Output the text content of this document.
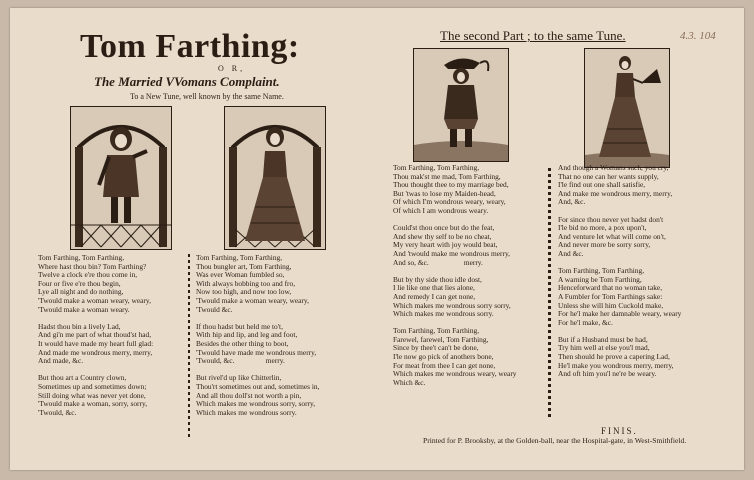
Tom Farthing:
O R,
The Married VVomans Complaint.
To a New Tune, well known by the same Name.
The second Part ; to the same Tune.	4.3. 104
Tom Farthing, Tom Farthing,
Where hast thou bin? Tom Farthing?
Twelve a clock e're thou come in,
Four or five e're thou begin,
Lye all night and do nothing,
'Twould make a woman weary, weary,
'Twould make a woman weary.

Hadst thou bin a lively Lad,
And gi'n me part of what thoud'st had,
It would have made my heart full glad:
And made me wondrous merry, merry,
And made, &c.

But thou art a Country clown,
Sometimes up and sometimes down;
Still doing what was never yet done,
'Twould make a woman, sorry, sorry,
'Twould, &c.
Tom Farthing, Tom Farthing,
Thou bungler art, Tom Farthing,
Was ever Woman fumbled so,
With always bobbing too and fro,
Now too high, and now too low,
'Twould make a woman weary, weary,
'Twould &c.

If thou hadst but held me to't,
With hip and lip, and leg and foot,
Besides the other thing to boot,
'Twould have made me wondrous merry,
'Twould, &c.                 merry.

But rivel'd up like Chitterlin,
Thou'rt sometimes out and, sometimes in,
And all thou doll'st not worth a pin,
Which makes me wondrous sorry, sorry,
Which makes me wondrous sorry.
Tom Farthing, Tom Farthing,
Thou mak'st me mad, Tom Farthing,
Thou thought thee to my marriage bed,
But 'twas to lose my Maiden-head,
Of which I'm wondrous weary, weary,
Of which I am wondrous weary.

Could'st thou once but do the feat,
And shew thy self to be no cheat,
My very heart with joy would beat,
And 'twould make me wondrous merry,
And so, &c.                   merry.

But by thy side thou idle dost,
I lie like one that lies alone,
And remedy I can get none,
Which makes me wondrous sorry sorry,
Which makes me wondrous sorry.

Tom Farthing, Tom Farthing,
Farewel, farewel, Tom Farthing,
Since by thee't can't be done,
I'le now go pick of anothers bone,
For meat from thee I can get none,
Which makes me wondrous weary, weary
Which &c.
And though a Womans such, you cry,
That no one can her wants supply,
I'le find out one shall satisfie,
And make me wondrous merry, merry,
And, &c.

For since thou never yet hadst don't
I'le bid no more, a pox upon't,
And venture let what will come on't,
And never more be sorry sorry,
And &c.

Tom Farthing, Tom Farthing,
A warning be Tom Farthing,
Henceforward that no woman take,
A Fumbler for Tom Farthings sake:
Unless she will him Cuckold make,
For he'l make her damnable weary, weary
For he'l make, &c.

But if a Husband must be had,
Try him well at else you'l mad,
Then should he prove a capering Lad,
He'l make you wondrous merry, merry,
And oft him you'l ne're be weary.
FINIS.
Printed for P. Brooksby, at the Golden-ball, near the Hospital-gate, in West-Smithfield.
